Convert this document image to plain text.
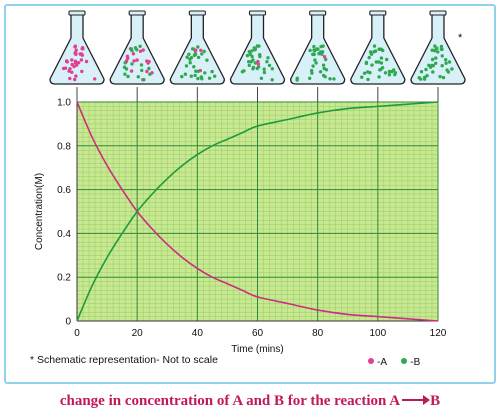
0	20	40	60	80	100	120
0
0.2
0.4
0.6
0.8
1.0
Time (mins)
Concentration(M)
*
* Schematic representation- Not to scale	-A -B
change in concentration of A and B for the reaction A → B
